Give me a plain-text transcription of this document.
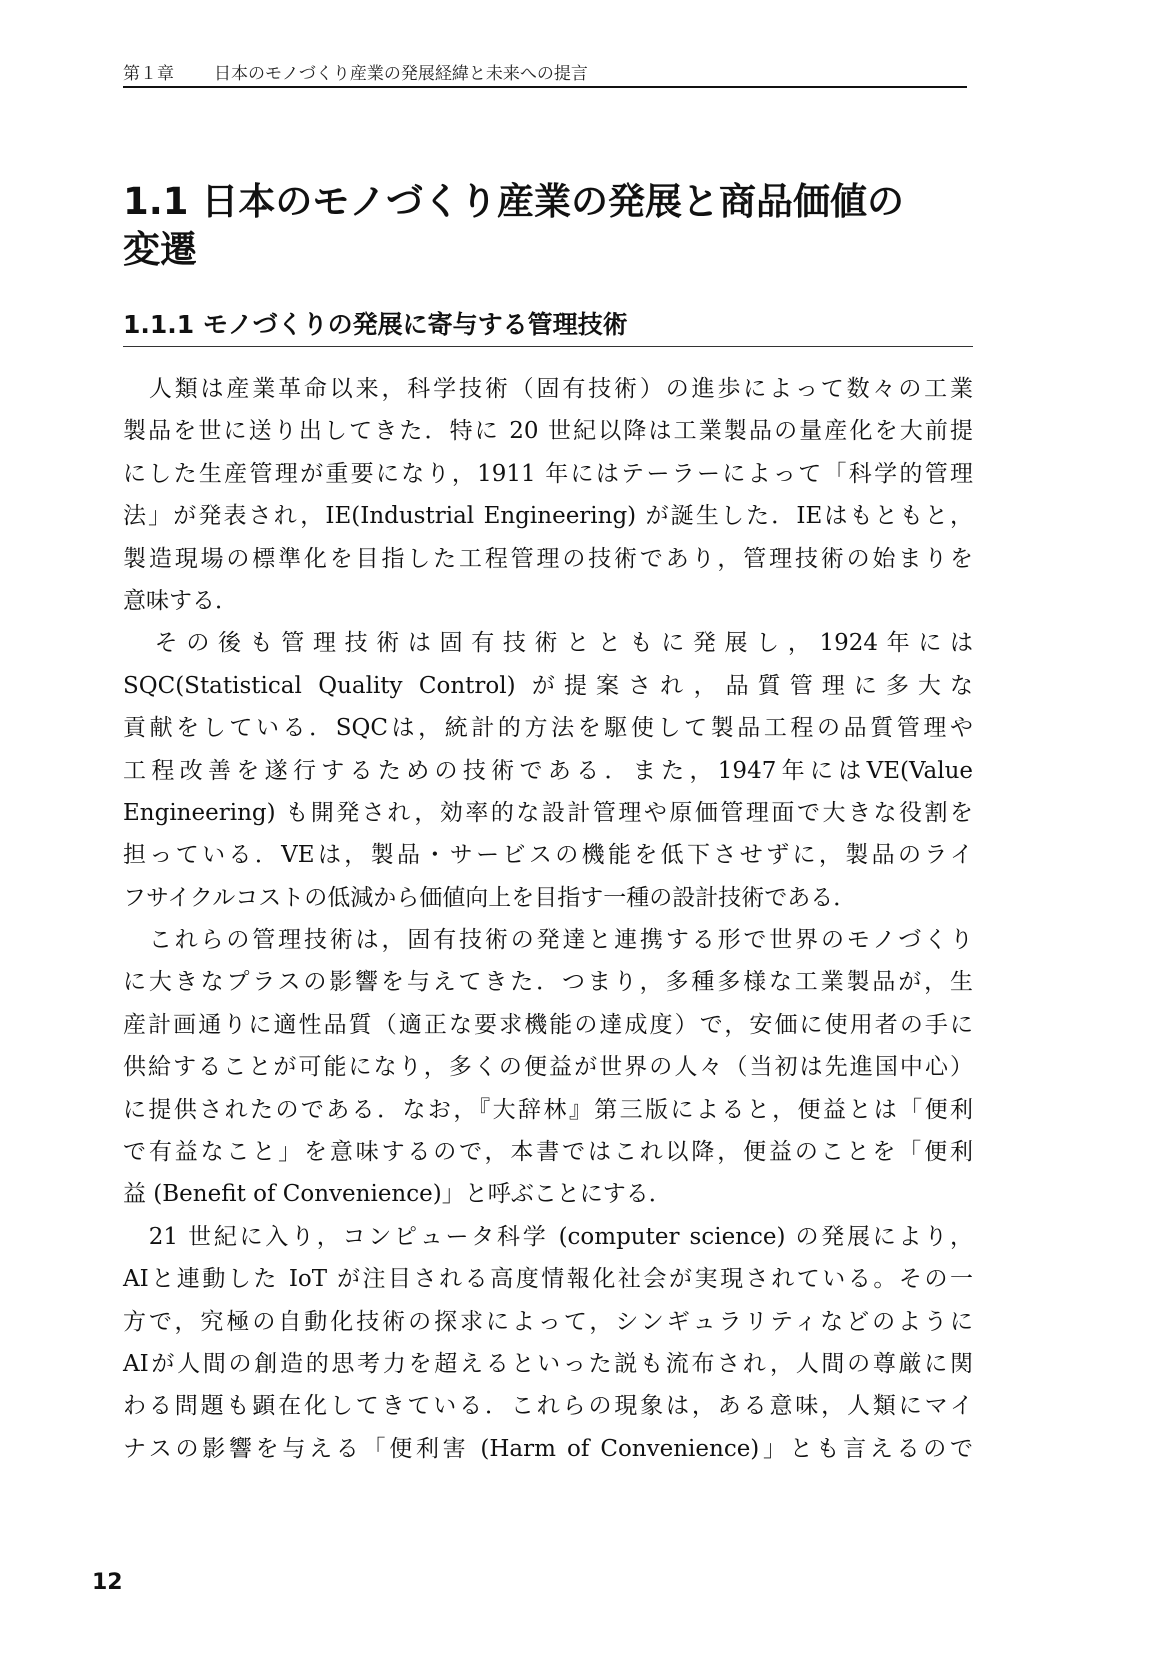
第１章 日本のモノづくり産業の発展経緯と未来への提言
1.1 日本のモノづくり産業の発展と商品価値の
変遷
1.1.1 モノづくりの発展に寄与する管理技術
　人類は産業革命以来，科学技術（固有技術）の進歩によって数々の工業
製品を世に送り出してきた．特に 20 世紀以降は工業製品の量産化を大前提
にした生産管理が重要になり，1911 年にはテーラーによって「科学的管理
法」が発表され，IE(Industrial Engineering) が誕生した．IEはもともと，
製造現場の標準化を目指した工程管理の技術であり，管理技術の始まりを
意味する．
　その後も管理技術は固有技術とともに発展し，1924年には
SQC(Statistical Quality Control) が提案され，品質管理に多大な
貢献をしている．SQCは，統計的方法を駆使して製品工程の品質管理や
工程改善を遂行するための技術である．また，1947年にはVE(Value
Engineering) も開発され，効率的な設計管理や原価管理面で大きな役割を
担っている．VEは，製品・サービスの機能を低下させずに，製品のライ
フサイクルコストの低減から価値向上を目指す一種の設計技術である．
　これらの管理技術は，固有技術の発達と連携する形で世界のモノづくり
に大きなプラスの影響を与えてきた．つまり，多種多様な工業製品が，生
産計画通りに適性品質（適正な要求機能の達成度）で，安価に使用者の手に
供給することが可能になり，多くの便益が世界の人々（当初は先進国中心）
に提供されたのである．なお，『大辞林』第三版によると，便益とは「便利
で有益なこと」を意味するので，本書ではこれ以降，便益のことを「便利
益 (Benefit of Convenience)」と呼ぶことにする．
　21 世紀に入り，コンピュータ科学 (computer science) の発展により，
AIと連動した IoT が注目される高度情報化社会が実現されている。その一
方で，究極の自動化技術の探求によって，シンギュラリティなどのように
AIが人間の創造的思考力を超えるといった説も流布され，人間の尊厳に関
わる問題も顕在化してきている．これらの現象は，ある意味，人類にマイ
ナスの影響を与える「便利害 (Harm of Convenience)」とも言えるので
12
